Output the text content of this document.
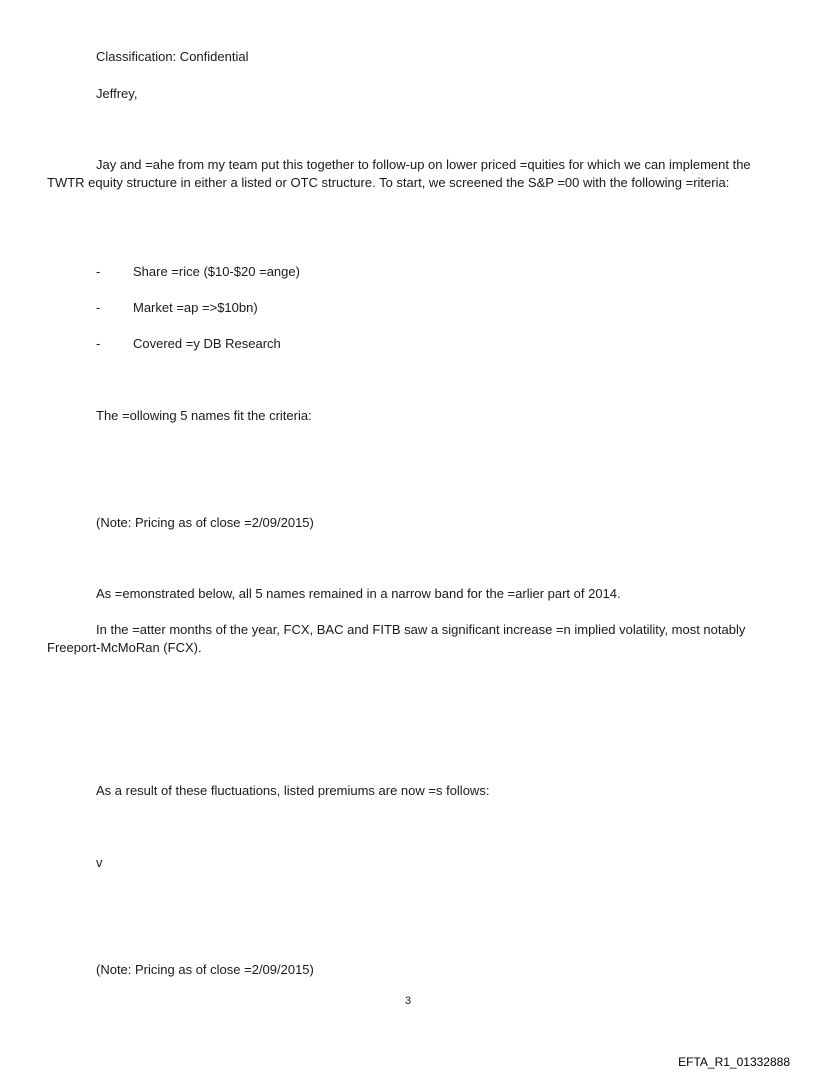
Classification: Confidential
Jeffrey,
Jay and =ahe from my team put this together to follow-up on lower priced =quities for which we can implement the TWTR equity structure in either a listed or OTC structure. To start, we screened the S&P =00 with the following =riteria:
-	Share =rice ($10-$20 =ange)
-	Market =ap =>$10bn)
-	Covered =y DB Research
The =ollowing 5 names fit the criteria:
(Note: Pricing as of close =2/09/2015)
As =emonstrated below, all 5 names remained in a narrow band for the =arlier part of 2014.
In the =atter months of the year, FCX, BAC and FITB saw a significant increase =n implied volatility, most notably Freeport-McMoRan (FCX).
As a result of these fluctuations, listed premiums are now =s follows:
v
(Note: Pricing as of close =2/09/2015)
3
EFTA_R1_01332888
